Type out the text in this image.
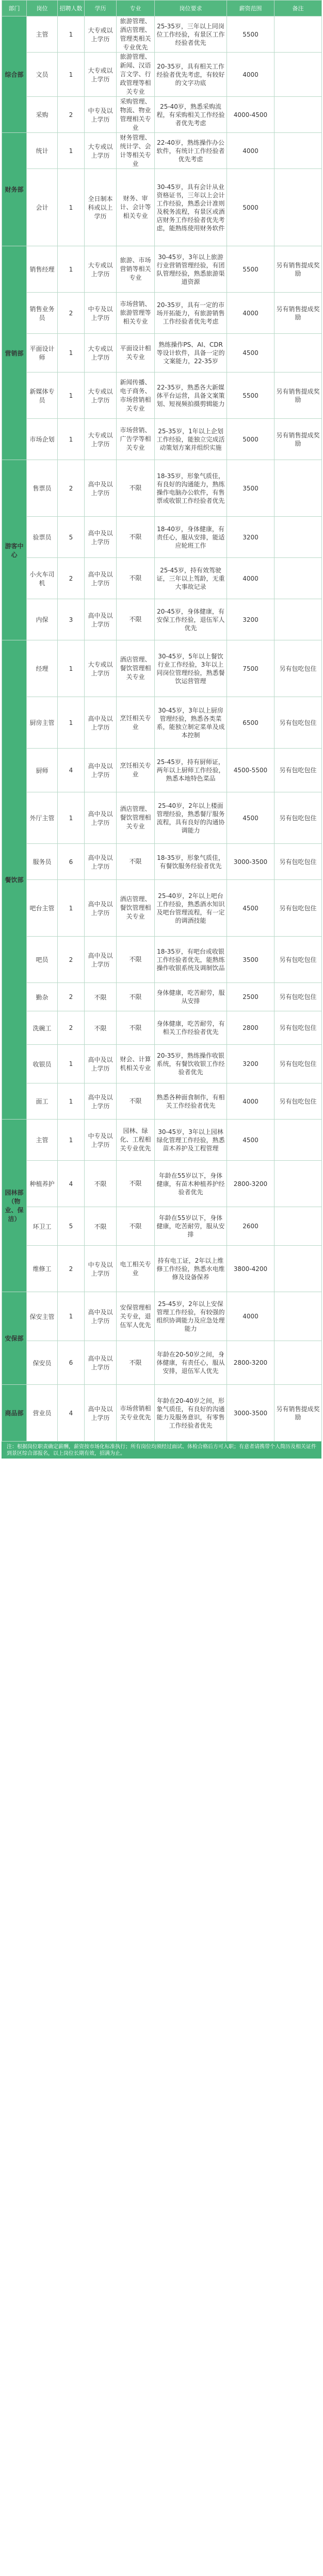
部门	岗位	招聘人数	学历	专业	岗位要求	薪资范围	备注
综合部	主管	1	大专或以上学历	旅游管理、酒店管理、管理类相关专业优先	25-35岁，三年以上同岗位工作经验，有景区工作经验者优先	5500	
	文员	1	大专或以上学历	旅游管理、新闻、汉语言文学、行政管理等相关专业	20-35岁，具有相关工作经验者优先考虑，有较好的文字功底	4000	
	采购	2	中专及以上学历	采购管理、物流、物业管理相关专业	25-40岁，熟悉采购流程，有采购相关工作经验者优先考虑	4000-4500	
财务部	统计	1	大专或以上学历	财务管理、统计学、会计等相关专业	22-40岁，熟练操作办公软件，有统计工作经验者优先考虑	4000	
	会计	1	全日制本科或以上学历	财务、审计、会计等相关专业	30-45岁，具有会计从业资格证书，三年以上会计工作经验，熟悉会计准则及税务流程，有景区或酒店财务工作经验者优先考虑，能熟练使用财务软件	5000	
营销部	销售经理	1	大专或以上学历	旅游、市场营销等相关专业	30-45岁，3年以上旅游行业营销管理经验，有团队管理经验，熟悉旅游渠道资源	5500	另有销售提成奖励
	销售业务员	2	中专及以上学历	市场营销、旅游管理等相关专业	20-35岁，具有一定的市场开拓能力，有旅游销售工作经验者优先考虑	4000	另有销售提成奖励
	平面设计师	1	大专或以上学历	平面设计相关专业	熟练操作PS、AI、CDR等设计软件，具备一定的文案能力，22-35岁	4500	
	新媒体专员	1	大专或以上学历	新闻传播、电子商务、市场营销相关专业	22-35岁，熟悉各大新媒体平台运营，具备文案策划、短视频拍摄剪辑能力	5500	另有销售提成奖励
	市场企划	1	大专或以上学历	市场营销、广告学等相关专业	25-35岁，1年以上企划工作经验，能独立完成活动策划方案并组织实施	5000	另有销售提成奖励
游客中心	售票员	2	高中及以上学历	不限	18-35岁，形象气质佳，有良好的沟通能力，熟练操作电脑办公软件，有售票或收银工作经验者优先	3500	
	验票员	5	高中及以上学历	不限	18-40岁，身体健康，有责任心，服从安排，能适应轮班工作	3200	
	小火车司机	2	高中及以上学历	不限	25-45岁，持有效驾驶证，三年以上驾龄，无重大事故记录	4000	
	内保	3	高中及以上学历	不限	20-45岁，身体健康，有安保工作经验，退伍军人优先	3200	
餐饮部	经理	1	大专或以上学历	酒店管理、餐饮管理相关专业	30-45岁，5年以上餐饮行业工作经验，3年以上同岗位管理经验，熟悉餐饮运营管理	7500	另有包吃包住
	厨房主管	1	高中及以上学历	烹饪相关专业	30-45岁，3年以上厨房管理经验，熟悉各类菜系，能独立制定菜单及成本控制	6500	另有包吃包住
	厨师	4	高中及以上学历	烹饪相关专业	25-45岁，持有厨师证，两年以上厨师工作经验，熟悉本地特色菜品	4500-5500	另有包吃包住
	外厅主管	1	高中及以上学历	酒店管理、餐饮管理相关专业	25-40岁，2年以上楼面管理经验，熟悉餐厅服务流程，具有良好的沟通协调能力	4500	另有包吃包住
	服务员	6	高中及以上学历	不限	18-35岁，形象气质佳，有餐饮服务经验者优先	3000-3500	另有包吃包住
	吧台主管	1	高中及以上学历	酒店管理、餐饮管理相关专业	25-40岁，2年以上吧台工作经验，熟悉酒水知识及吧台管理流程，有一定的调酒技能	4500	另有包吃包住
	吧员	2	高中及以上学历	不限	18-35岁，有吧台或收银工作经验者优先，能熟练操作收银系统及调制饮品	3500	另有包吃包住
	勤杂	2	不限	不限	身体健康，吃苦耐劳，服从安排	2500	另有包吃包住
	洗碗工	2	不限	不限	身体健康，吃苦耐劳，有相关工作经验者优先	2800	另有包吃包住
	收银员	1	高中及以上学历	财会、计算机相关专业	20-35岁，熟练操作收银系统，有餐饮收银工作经验者优先	3200	另有包吃包住
	面工	1	高中及以上学历	不限	熟悉各种面食制作，有相关工作经验者优先	4000	另有包吃包住
园林部（物业、保洁）	主管	1	中专及以上学历	园林、绿化、工程相关专业优先	30-45岁，3年以上园林绿化管理工作经验，熟悉苗木养护及工程管理	4500	
	种植养护	4	不限	不限	年龄在55岁以下，身体健康，有苗木种植养护经验者优先	2800-3200	
	环卫工	5	不限	不限	年龄在55岁以下，身体健康，吃苦耐劳，服从安排	2600	
	维修工	2	中专及以上学历	电工相关专业	持有电工证，2年以上维修工作经验，熟悉水电维修及设备保养	3800-4200	
安保部	保安主管	1	高中及以上学历	安保管理相关专业，退伍军人优先	25-45岁，2年以上安保管理工作经验，有较强的组织协调能力及应急处理能力	4000	
	保安员	6	高中及以上学历	不限	年龄在20-50岁之间，身体健康，有责任心，服从安排，退伍军人优先	2800-3200	
商品部	营业员	4	高中及以上学历	市场营销相关专业优先	年龄在20-40岁之间，形象气质佳，有良好的沟通能力及服务意识，有零售工作经验者优先	3000-3500	另有销售提成奖励
注：根据岗位职责确定薪酬，薪资按市场化标准执行；所有岗位均须经过面试、体检合格后方可入职；有意者请携带个人简历及相关证件到景区综合部报名，以上岗位长期有效，招满为止。
